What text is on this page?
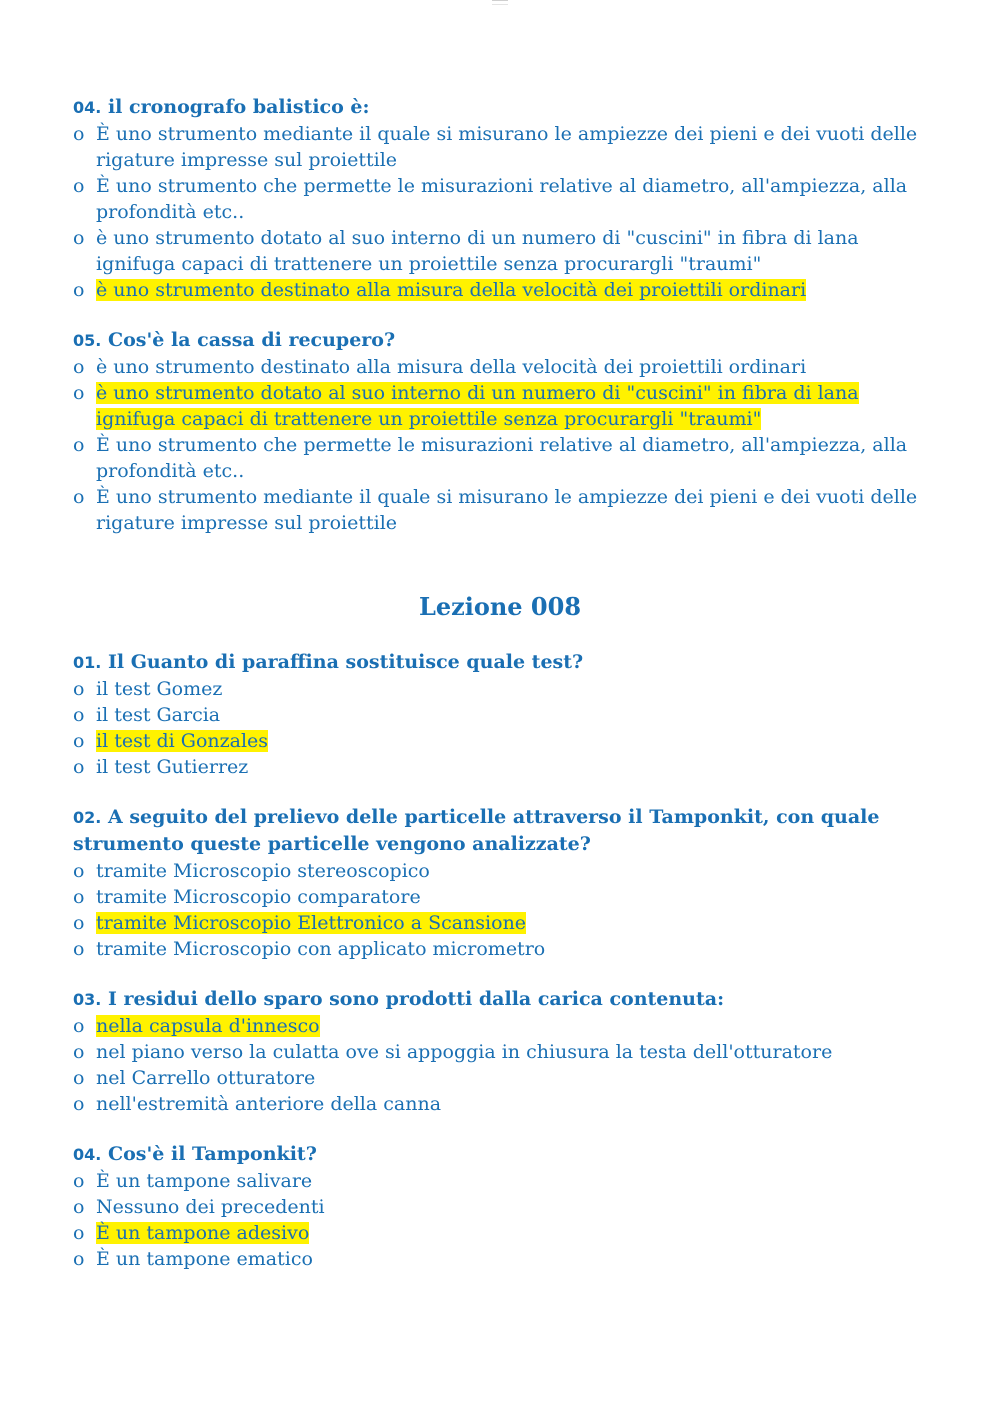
04. il cronografo balistico è:
o È uno strumento mediante il quale si misurano le ampiezze dei pieni e dei vuoti delle rigature impresse sul proiettile
o È uno strumento che permette le misurazioni relative al diametro, all'ampiezza, alla profondità etc..
o è uno strumento dotato al suo interno di un numero di "cuscini" in fibra di lana ignifuga capaci di trattenere un proiettile senza procurargli "traumi"
o è uno strumento destinato alla misura della velocità dei proiettili ordinari
05. Cos'è la cassa di recupero?
o è uno strumento destinato alla misura della velocità dei proiettili ordinari
o è uno strumento dotato al suo interno di un numero di "cuscini" in fibra di lana ignifuga capaci di trattenere un proiettile senza procurargli "traumi"
o È uno strumento che permette le misurazioni relative al diametro, all'ampiezza, alla profondità etc..
o È uno strumento mediante il quale si misurano le ampiezze dei pieni e dei vuoti delle rigature impresse sul proiettile
Lezione 008
01. Il Guanto di paraffina sostituisce quale test?
o il test Gomez
o il test Garcia
o il test di Gonzales
o il test Gutierrez
02. A seguito del prelievo delle particelle attraverso il Tamponkit, con quale strumento queste particelle vengono analizzate?
o tramite Microscopio stereoscopico
o tramite Microscopio comparatore
o tramite Microscopio Elettronico a Scansione
o tramite Microscopio con applicato micrometro
03. I residui dello sparo sono prodotti dalla carica contenuta:
o nella capsula d'innesco
o nel piano verso la culatta ove si appoggia in chiusura la testa dell'otturatore
o nel Carrello otturatore
o nell'estremità anteriore della canna
04. Cos'è il Tamponkit?
o È un tampone salivare
o Nessuno dei precedenti
o È un tampone adesivo
o È un tampone ematico
